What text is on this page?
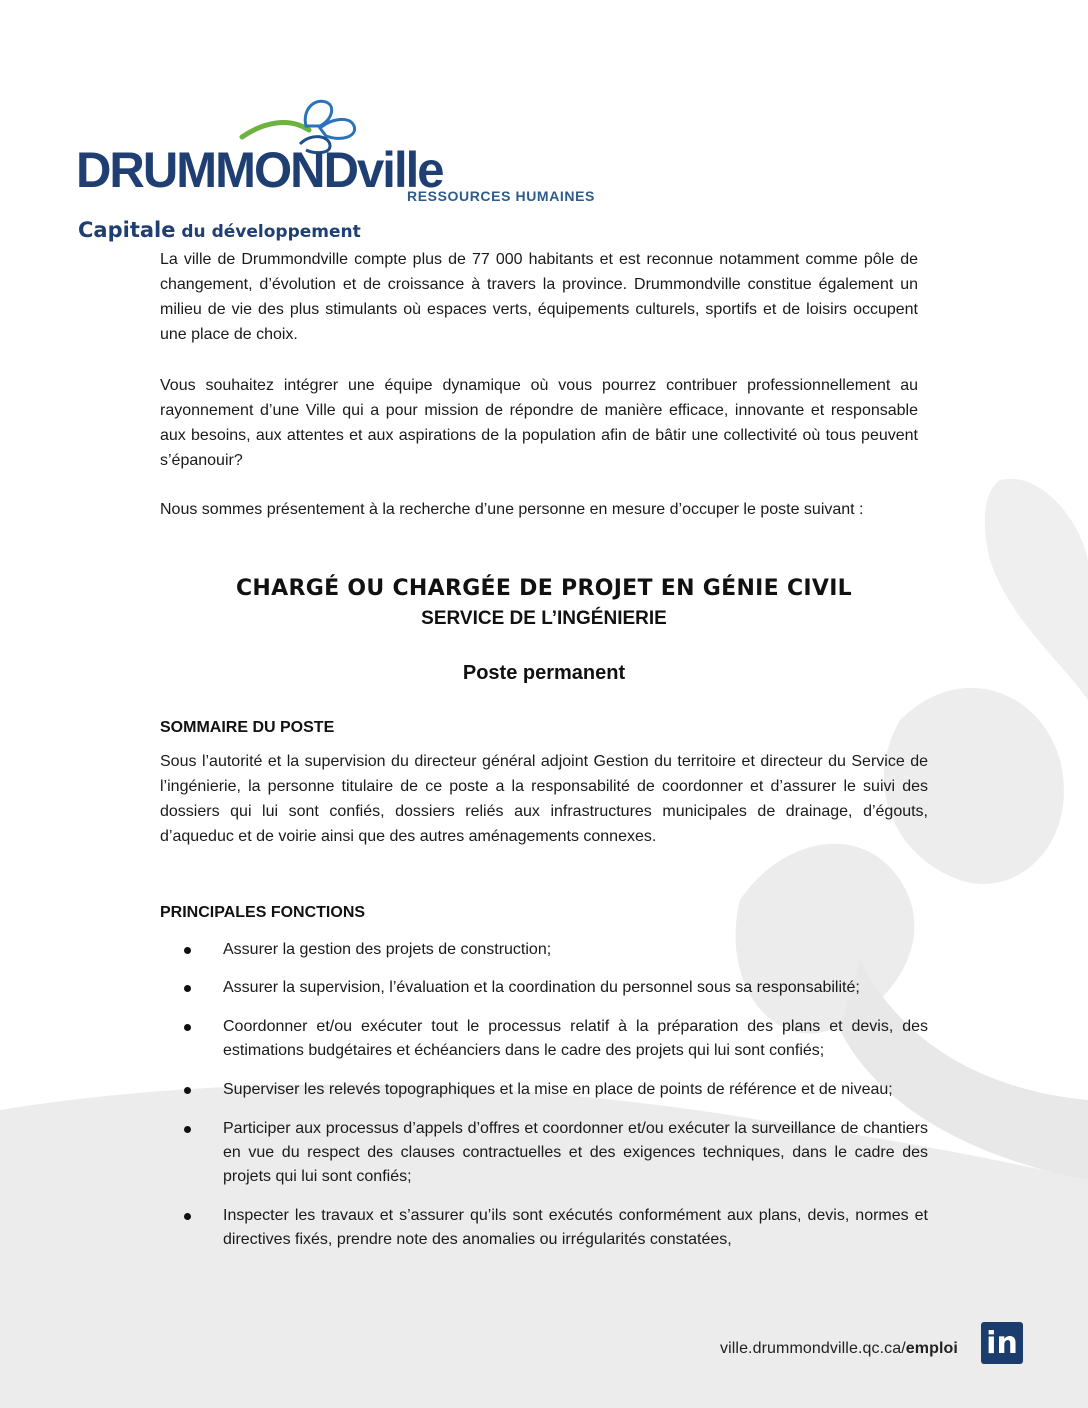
DRUMMONDville
Capitale du développement
RESSOURCES HUMAINES

La ville de Drummondville compte plus de 77 000 habitants et est reconnue notamment comme pôle de changement, d’évolution et de croissance à travers la province. Drummondville constitue également un milieu de vie des plus stimulants où espaces verts, équipements culturels, sportifs et de loisirs occupent une place de choix.

Vous souhaitez intégrer une équipe dynamique où vous pourrez contribuer professionnellement au rayonnement d’une Ville qui a pour mission de répondre de manière efficace, innovante et responsable aux besoins, aux attentes et aux aspirations de la population afin de bâtir une collectivité où tous peuvent s’épanouir?

Nous sommes présentement à la recherche d’une personne en mesure d’occuper le poste suivant :

CHARGÉ OU CHARGÉE DE PROJET EN GÉNIE CIVIL
SERVICE DE L’INGÉNIERIE
Poste permanent
SOMMAIRE DU POSTE

Sous l’autorité et la supervision du directeur général adjoint Gestion du territoire et directeur du Service de l’ingénierie, la personne titulaire de ce poste a la responsabilité de coordonner et d’assurer le suivi des dossiers qui lui sont confiés, dossiers reliés aux infrastructures municipales de drainage, d’égouts, d’aqueduc et de voirie ainsi que des autres aménagements connexes.

PRINCIPALES FONCTIONS
Assurer la gestion des projets de construction;
Assurer la supervision, l’évaluation et la coordination du personnel sous sa responsabilité;
Coordonner et/ou exécuter tout le processus relatif à la préparation des plans et devis, des estimations budgétaires et échéanciers dans le cadre des projets qui lui sont confiés;
Superviser les relevés topographiques et la mise en place de points de référence et de niveau;
Participer aux processus d’appels d’offres et coordonner et/ou exécuter la surveillance de chantiers en vue du respect des clauses contractuelles et des exigences techniques, dans le cadre des projets qui lui sont confiés;
Inspecter les travaux et s’assurer qu’ils sont exécutés conformément aux plans, devis, normes et directives fixés, prendre note des anomalies ou irrégularités constatées,
ville.drummondville.qc.ca/emploi in
